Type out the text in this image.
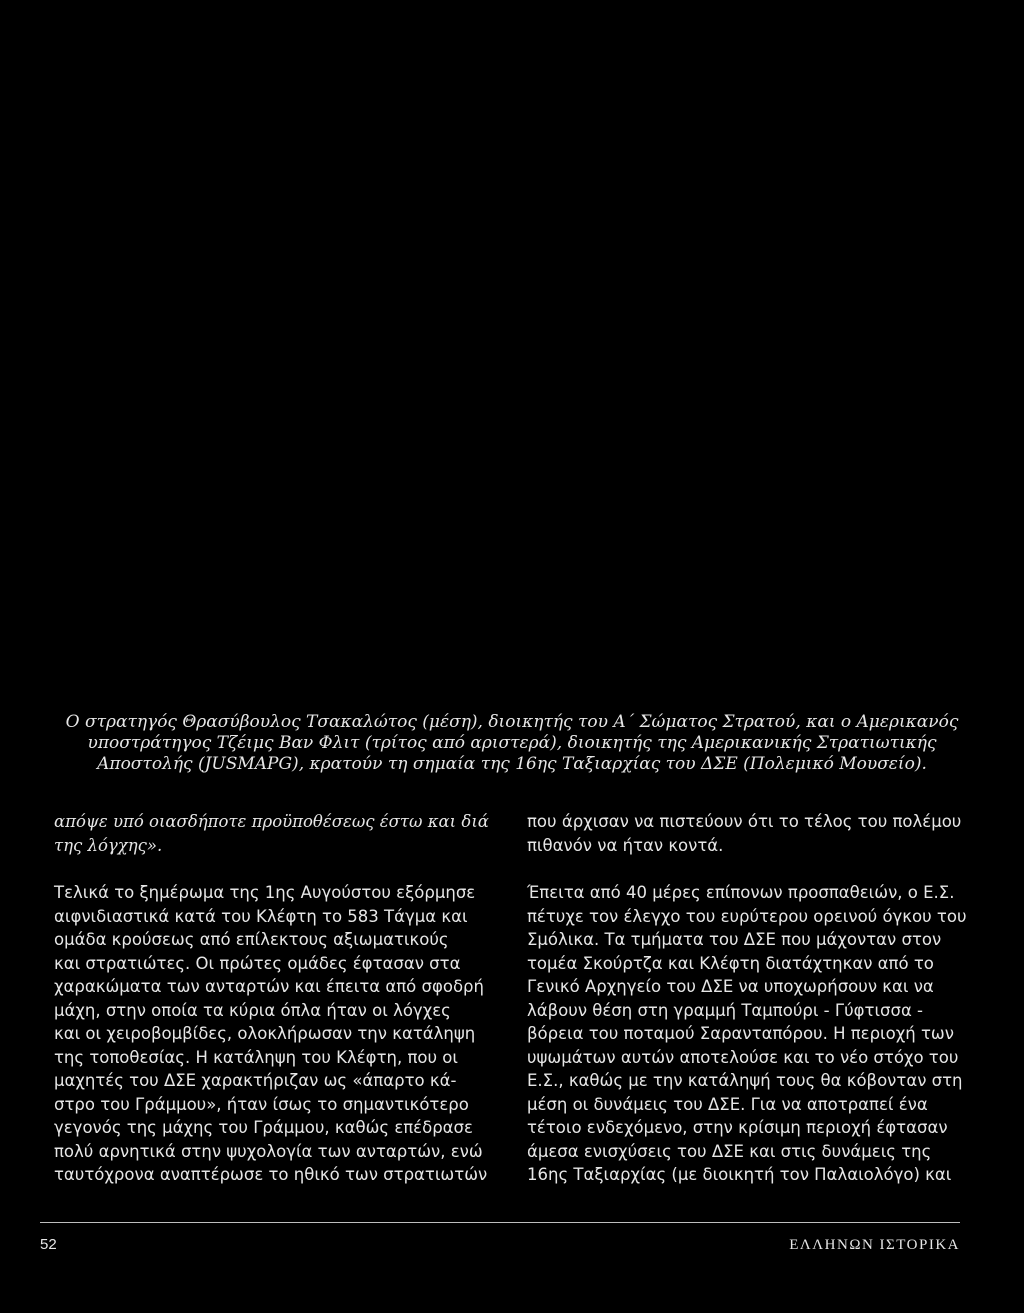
Ο στρατηγός Θρασύβουλος Τσακαλώτος (μέση), διοικητής του Α΄ Σώματος Στρατού, και ο Αμερικανός
υποστράτηγος Τζέιμς Βαν Φλιτ (τρίτος από αριστερά), διοικητής της Αμερικανικής Στρατιωτικής
Αποστολής (JUSMAPG), κρατούν τη σημαία της 16ης Ταξιαρχίας του ΔΣΕ (Πολεμικό Μουσείο).

απόψε υπό οιασδήποτε προϋποθέσεως έστω και διά
της λόγχης».

Τελικά το ξημέρωμα της 1ης Αυγούστου εξόρμησε
αιφνιδιαστικά κατά του Κλέφτη το 583 Τάγμα και
ομάδα κρούσεως από επίλεκτους αξιωματικούς
και στρατιώτες. Οι πρώτες ομάδες έφτασαν στα
χαρακώματα των ανταρτών και έπειτα από σφοδρή
μάχη, στην οποία τα κύρια όπλα ήταν οι λόγχες
και οι χειροβομβίδες, ολοκλήρωσαν την κατάληψη
της τοποθεσίας. Η κατάληψη του Κλέφτη, που οι
μαχητές του ΔΣΕ χαρακτήριζαν ως «άπαρτο κά-
στρο του Γράμμου», ήταν ίσως το σημαντικότερο
γεγονός της μάχης του Γράμμου, καθώς επέδρασε
πολύ αρνητικά στην ψυχολογία των ανταρτών, ενώ
ταυτόχρονα αναπτέρωσε το ηθικό των στρατιωτών

που άρχισαν να πιστεύουν ότι το τέλος του πολέμου
πιθανόν να ήταν κοντά.

Έπειτα από 40 μέρες επίπονων προσπαθειών, ο Ε.Σ.
πέτυχε τον έλεγχο του ευρύτερου ορεινού όγκου του
Σμόλικα. Τα τμήματα του ΔΣΕ που μάχονταν στον
τομέα Σκούρτζα και Κλέφτη διατάχτηκαν από το
Γενικό Αρχηγείο του ΔΣΕ να υποχωρήσουν και να
λάβουν θέση στη γραμμή Ταμπούρι - Γύφτισσα -
βόρεια του ποταμού Σαρανταπόρου. Η περιοχή των
υψωμάτων αυτών αποτελούσε και το νέο στόχο του
Ε.Σ., καθώς με την κατάληψή τους θα κόβονταν στη
μέση οι δυνάμεις του ΔΣΕ. Για να αποτραπεί ένα
τέτοιο ενδεχόμενο, στην κρίσιμη περιοχή έφτασαν
άμεσα ενισχύσεις του ΔΣΕ και στις δυνάμεις της
16ης Ταξιαρχίας (με διοικητή τον Παλαιολόγο) και

52	ΕΛΛΗΝΩΝ ΙΣΤΟΡΙΚΑ
